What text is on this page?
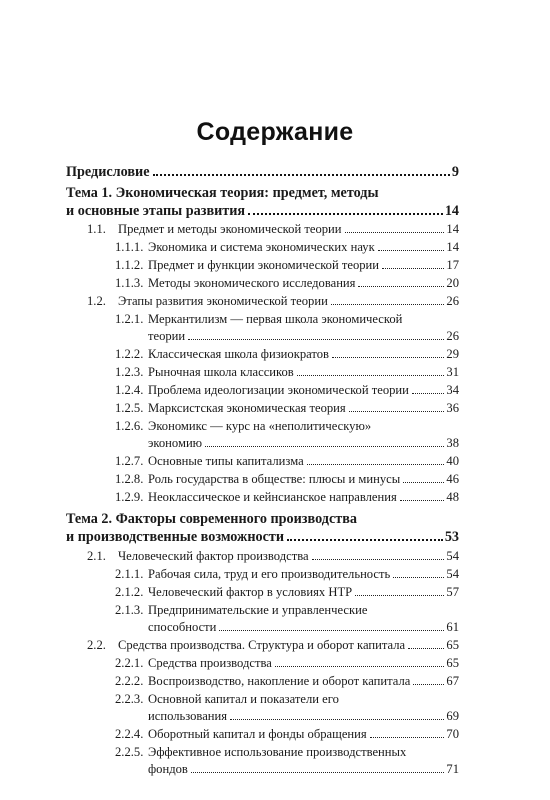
Содержание
Предисловие	9
Тема 1. Экономическая теория: предмет, методы
и основные этапы развития	14
1.1. Предмет и методы экономической теории	14
1.1.1. Экономика и система экономических наук	14
1.1.2. Предмет и функции экономической теории	17
1.1.3. Методы экономического исследования	20
1.2. Этапы развития экономической теории	26
1.2.1. Меркантилизм — первая школа экономической
теории	26
1.2.2. Классическая школа физиократов	29
1.2.3. Рыночная школа классиков	31
1.2.4. Проблема идеологизации экономической теории	34
1.2.5. Марксистская экономическая теория	36
1.2.6. Экономикс — курс на «неполитическую»
экономию	38
1.2.7. Основные типы капитализма	40
1.2.8. Роль государства в обществе: плюсы и минусы	46
1.2.9. Неоклассическое и кейнсианское направления	48
Тема 2. Факторы современного производства
и производственные возможности	53
2.1. Человеческий фактор производства	54
2.1.1. Рабочая сила, труд и его производительность	54
2.1.2. Человеческий фактор в условиях НТР	57
2.1.3. Предпринимательские и управленческие
способности	61
2.2. Средства производства. Структура и оборот капитала	65
2.2.1. Средства производства	65
2.2.2. Воспроизводство, накопление и оборот капитала	67
2.2.3. Основной капитал и показатели его
использования	69
2.2.4. Оборотный капитал и фонды обращения	70
2.2.5. Эффективное использование производственных
фондов	71
